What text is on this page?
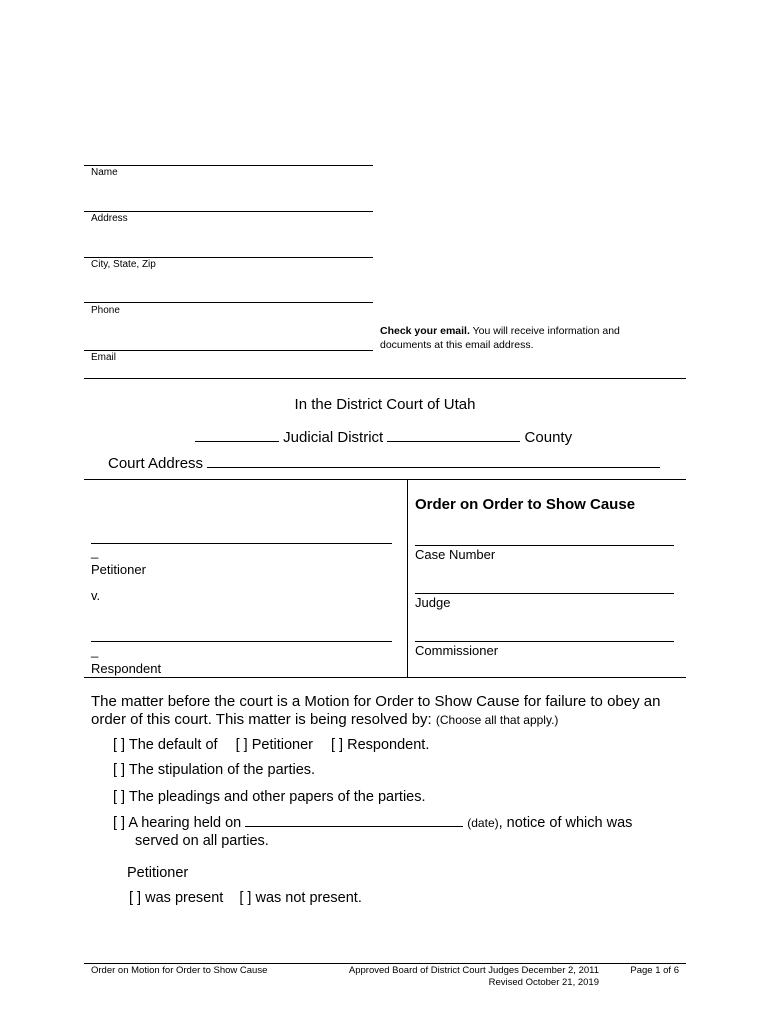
Name
Address
City, State, Zip
Phone
Email
Check your email. You will receive information and
documents at this email address.
In the District Court of Utah
Judicial District	County
Court Address
_
Petitioner
v.
_
Respondent
Order on Order to Show Cause
Case Number
Judge
Commissioner
The matter before the court is a Motion for Order to Show Cause for failure to obey an
order of this court. This matter is being resolved by: (Choose all that apply.)
[ ] The default of [ ] Petitioner [ ] Respondent.
[ ] The stipulation of the parties.
[ ] The pleadings and other papers of the parties.
[ ] A hearing held on	(date), notice of which was
served on all parties.
Petitioner
[ ] was present [ ] was not present.
Order on Motion for Order to Show Cause	Approved Board of District Court Judges December 2, 2011
Revised October 21, 2019
Page 1 of 6
